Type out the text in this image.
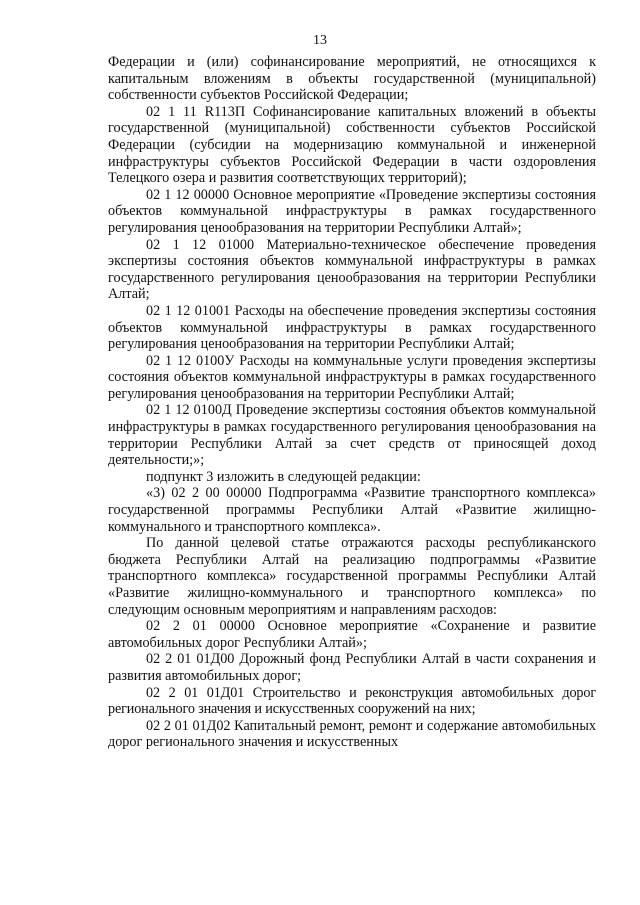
13

Федерации и (или) софинансирование мероприятий, не относящихся к капитальным вложениям в объекты государственной (муниципальной) собственности субъектов Российской Федерации;

02 1 11 R113П Софинансирование капитальных вложений в объекты государственной (муниципальной) собственности субъектов Российской Федерации (субсидии на модернизацию коммунальной и инженерной инфраструктуры субъектов Российской Федерации в части оздоровления Телецкого озера и развития соответствующих территорий);

02 1 12 00000 Основное мероприятие «Проведение экспертизы состояния объектов коммунальной инфраструктуры в рамках государственного регулирования ценообразования на территории Республики Алтай»;

02 1 12 01000 Материально-техническое обеспечение проведения экспертизы состояния объектов коммунальной инфраструктуры в рамках государственного регулирования ценообразования на территории Республики Алтай;

02 1 12 01001 Расходы на обеспечение проведения экспертизы состояния объектов коммунальной инфраструктуры в рамках государственного регулирования ценообразования на территории Республики Алтай;

02 1 12 0100У Расходы на коммунальные услуги проведения экспертизы состояния объектов коммунальной инфраструктуры в рамках государственного регулирования ценообразования на территории Республики Алтай;

02 1 12 0100Д Проведение экспертизы состояния объектов коммунальной инфраструктуры в рамках государственного регулирования ценообразования на территории Республики Алтай за счет средств от приносящей доход деятельности;»;

подпункт 3 изложить в следующей редакции:

«3) 02 2 00 00000 Подпрограмма «Развитие транспортного комплекса» государственной программы Республики Алтай «Развитие жилищно-коммунального и транспортного комплекса».

По данной целевой статье отражаются расходы республиканского бюджета Республики Алтай на реализацию подпрограммы «Развитие транспортного комплекса» государственной программы Республики Алтай «Развитие жилищно-коммунального и транспортного комплекса» по следующим основным мероприятиям и направлениям расходов:

02 2 01 00000 Основное мероприятие «Сохранение и развитие автомобильных дорог Республики Алтай»;

02 2 01 01Д00 Дорожный фонд Республики Алтай в части сохранения и развития автомобильных дорог;

02 2 01 01Д01 Строительство и реконструкция автомобильных дорог регионального значения и искусственных сооружений на них;

02 2 01 01Д02 Капитальный ремонт, ремонт и содержание автомобильных дорог регионального значения и искусственных
